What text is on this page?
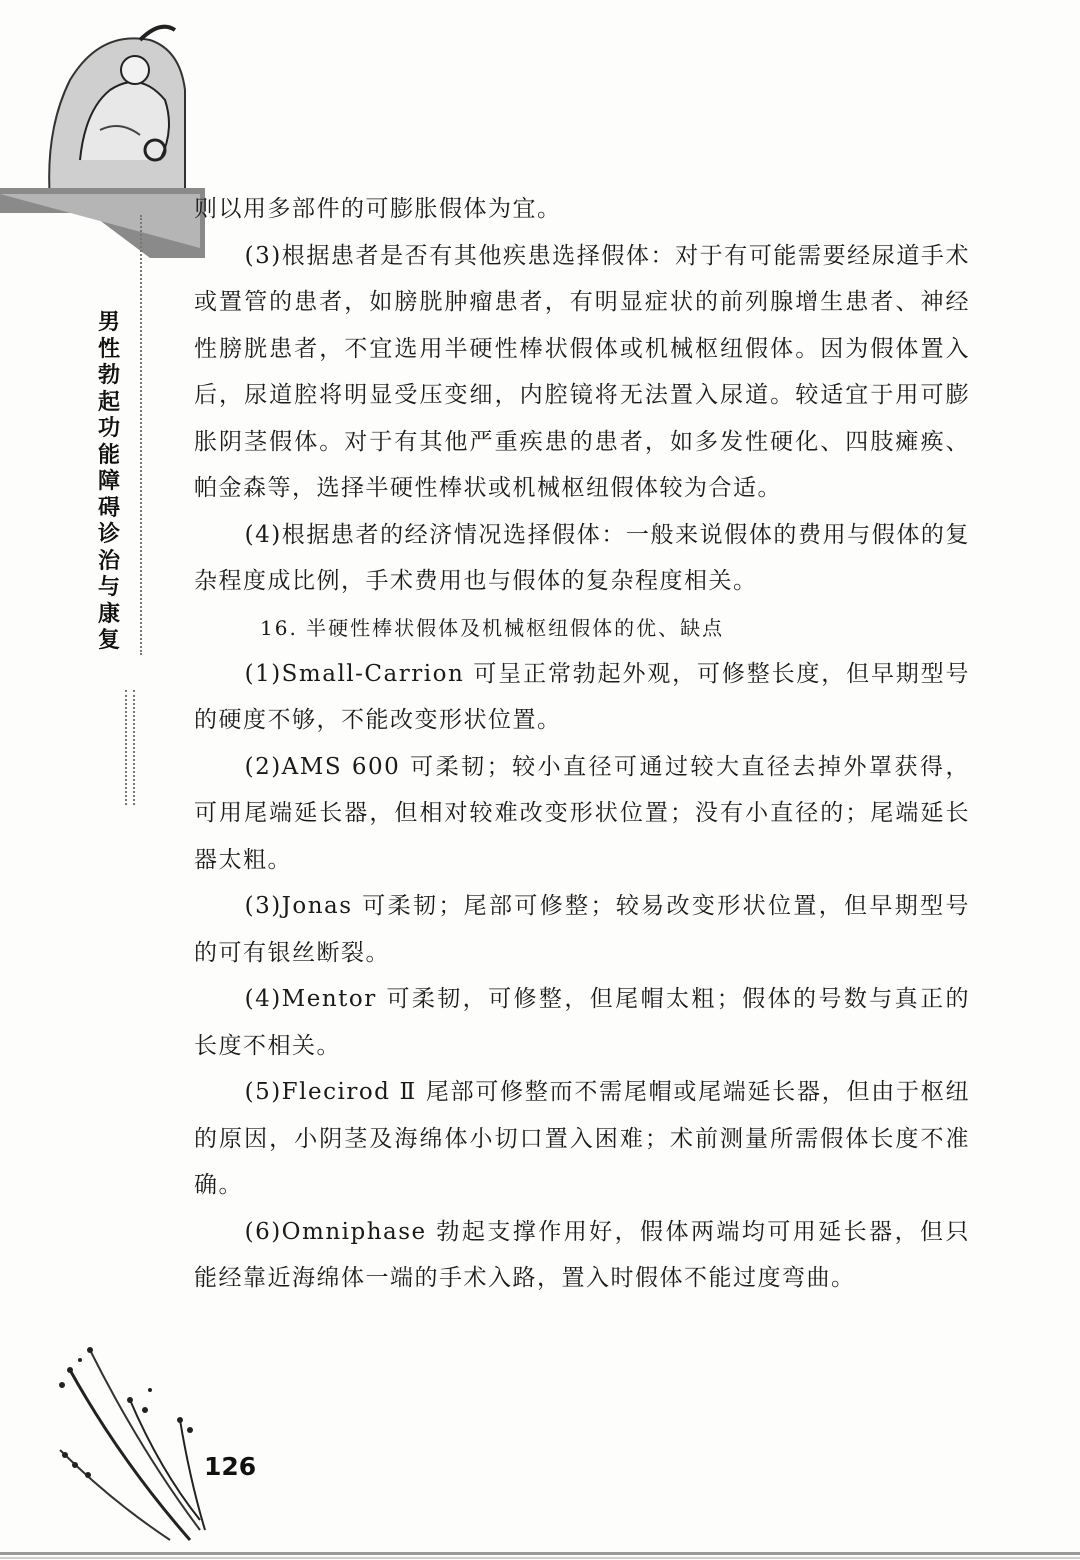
男
性
勃
起
功
能
障
碍
诊
治
与
康
复

则以用多部件的可膨胀假体为宜。

(3)根据患者是否有其他疾患选择假体：对于有可能需要经尿道手术或置管的患者，如膀胱肿瘤患者，有明显症状的前列腺增生患者、神经性膀胱患者，不宜选用半硬性棒状假体或机械枢纽假体。因为假体置入后，尿道腔将明显受压变细，内腔镜将无法置入尿道。较适宜于用可膨胀阴茎假体。对于有其他严重疾患的患者，如多发性硬化、四肢瘫痪、帕金森等，选择半硬性棒状或机械枢纽假体较为合适。

(4)根据患者的经济情况选择假体：一般来说假体的费用与假体的复杂程度成比例，手术费用也与假体的复杂程度相关。

16. 半硬性棒状假体及机械枢纽假体的优、缺点

(1)Small-Carrion 可呈正常勃起外观，可修整长度，但早期型号的硬度不够，不能改变形状位置。

(2)AMS 600 可柔韧；较小直径可通过较大直径去掉外罩获得，可用尾端延长器，但相对较难改变形状位置；没有小直径的；尾端延长器太粗。

(3)Jonas 可柔韧；尾部可修整；较易改变形状位置，但早期型号的可有银丝断裂。

(4)Mentor 可柔韧，可修整，但尾帽太粗；假体的号数与真正的长度不相关。

(5)Flecirod Ⅱ 尾部可修整而不需尾帽或尾端延长器，但由于枢纽的原因，小阴茎及海绵体小切口置入困难；术前测量所需假体长度不准确。

(6)Omniphase 勃起支撑作用好，假体两端均可用延长器，但只能经靠近海绵体一端的手术入路，置入时假体不能过度弯曲。

126
